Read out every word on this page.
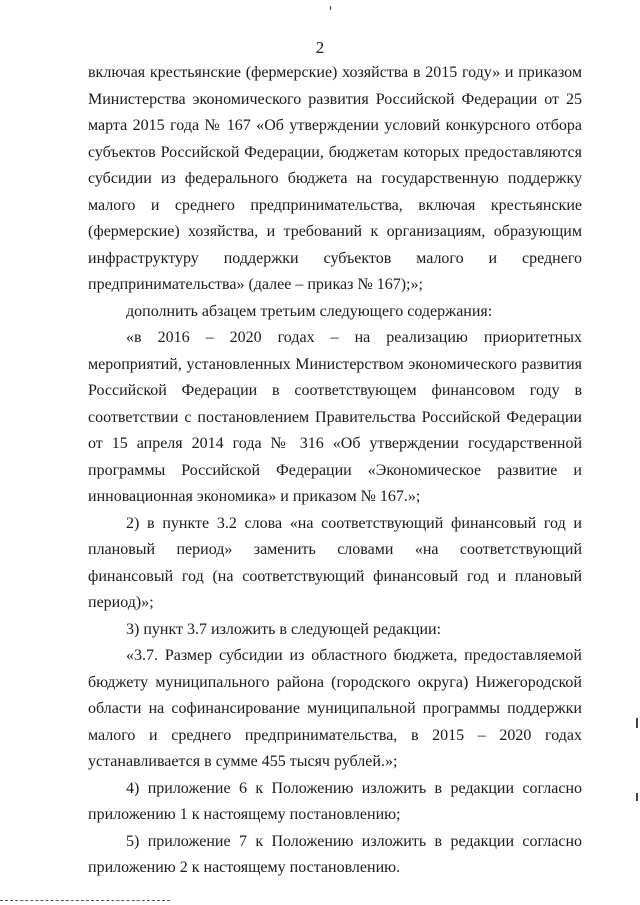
2

включая крестьянские (фермерские) хозяйства в 2015 году» и приказом Министерства экономического развития Российской Федерации от 25 марта 2015 года № 167 «Об утверждении условий конкурсного отбора субъектов Российской Федерации, бюджетам которых предоставляются субсидии из федерального бюджета на государственную поддержку малого и среднего предпринимательства, включая крестьянские (фермерские) хозяйства, и требований к организациям, образующим инфраструктуру поддержки субъектов малого и среднего предпринимательства» (далее – приказ № 167);»;

дополнить абзацем третьим следующего содержания:

«в 2016 – 2020 годах – на реализацию приоритетных мероприятий, установленных Министерством экономического развития Российской Федерации в соответствующем финансовом году в соответствии с постановлением Правительства Российской Федерации от 15 апреля 2014 года № 316 «Об утверждении государственной программы Российской Федерации «Экономическое развитие и инновационная экономика» и приказом № 167.»;

2) в пункте 3.2 слова «на соответствующий финансовый год и плановый период» заменить словами «на соответствующий финансовый год (на соответствующий финансовый год и плановый период)»;

3) пункт 3.7 изложить в следующей редакции:

«3.7. Размер субсидии из областного бюджета, предоставляемой бюджету муниципального района (городского округа) Нижегородской области на софинансирование муниципальной программы поддержки малого и среднего предпринимательства, в 2015 – 2020 годах устанавливается в сумме 455 тысяч рублей.»;

4) приложение 6 к Положению изложить в редакции согласно приложению 1 к настоящему постановлению;

5) приложение 7 к Положению изложить в редакции согласно приложению 2 к настоящему постановлению.
